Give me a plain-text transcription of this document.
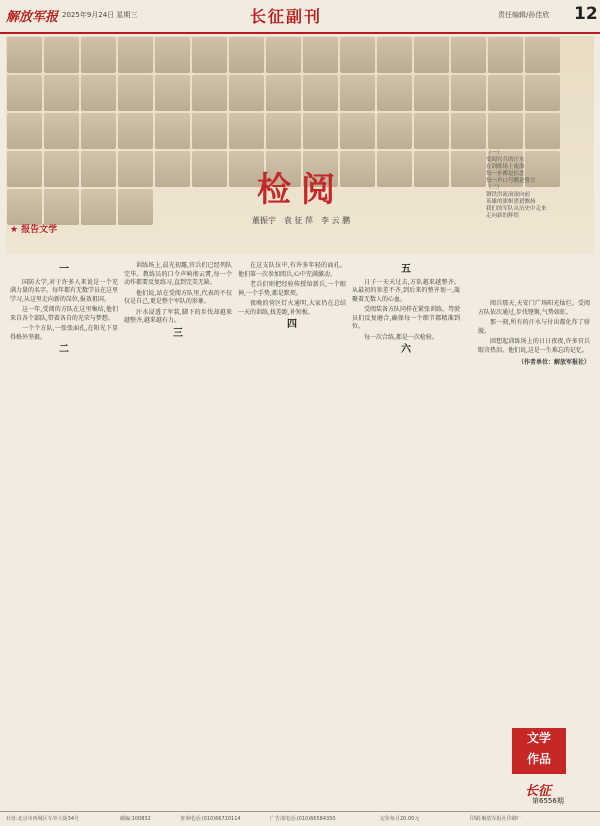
解放军报 2025年9月24日 星期三	长征副刊	责任编辑/孙佳欣 12
检阅
董振宇　袁 征 萍　李 云 鹏
★ 报告文学
一

国防大学,对于许多人来说是一个充满力量的名字。每年都有无数学员在这里学习,从这里走向新的岗位,报效祖国。

这一年,受阅的方队在这里集结,他们来自各个部队,带着各自的光荣与梦想。

一个个方队,一张张面孔,在阳光下显得格外坚毅。

二

训练场上,晨光初露,官兵们已经列队完毕。教练员的口令声响彻云霄,每一个动作都要反复练习,直到完美无缺。

他们说,站在受阅方队里,代表的不仅仅是自己,更是整个军队的形象。

汗水浸透了军装,脚下的步伐却越来越整齐,越来越有力。

三

在这支队伍中,有许多年轻的面孔。他们第一次参加阅兵,心中充满激动。

老兵们则把经验传授给新兵,一个眼神,一个手势,都是默契。

夜晚的营区灯火通明,大家仍在总结一天的训练,找差距,补短板。

四
五

日子一天天过去,方队越来越整齐。从最初的参差不齐,到后来的整齐划一,凝聚着无数人的心血。

受阅装备方队同样在紧张训练。驾驶员们反复磨合,确保每一个细节都精准到位。

每一次合练,都是一次检验。

六
（一）
受阅官兵的汗水
在训练场上流淌
每一步都是信念
每一声口号都是誓言
（二）
钢铁洪流滚滚向前
英雄的旗帜猎猎飘扬
我们的军队从历史中走来
走向新的辉煌

阅兵那天,天安门广场阳光灿烂。受阅方队依次通过,步伐铿锵,气势如虹。

那一刻,所有的汗水与付出都化作了骄傲。

回想起训练场上的日日夜夜,许多官兵眼含热泪。他们说,这是一生难忘的记忆。

（作者单位：解放军报社）
文学
作品
长征
第6556期
社址:北京市西城区车外大街34号	邮编:100832	查询电话:(010)66720114	广告部电话:(010)66584350	定价每月20.00元	印刷:解放军报社印刷厂
